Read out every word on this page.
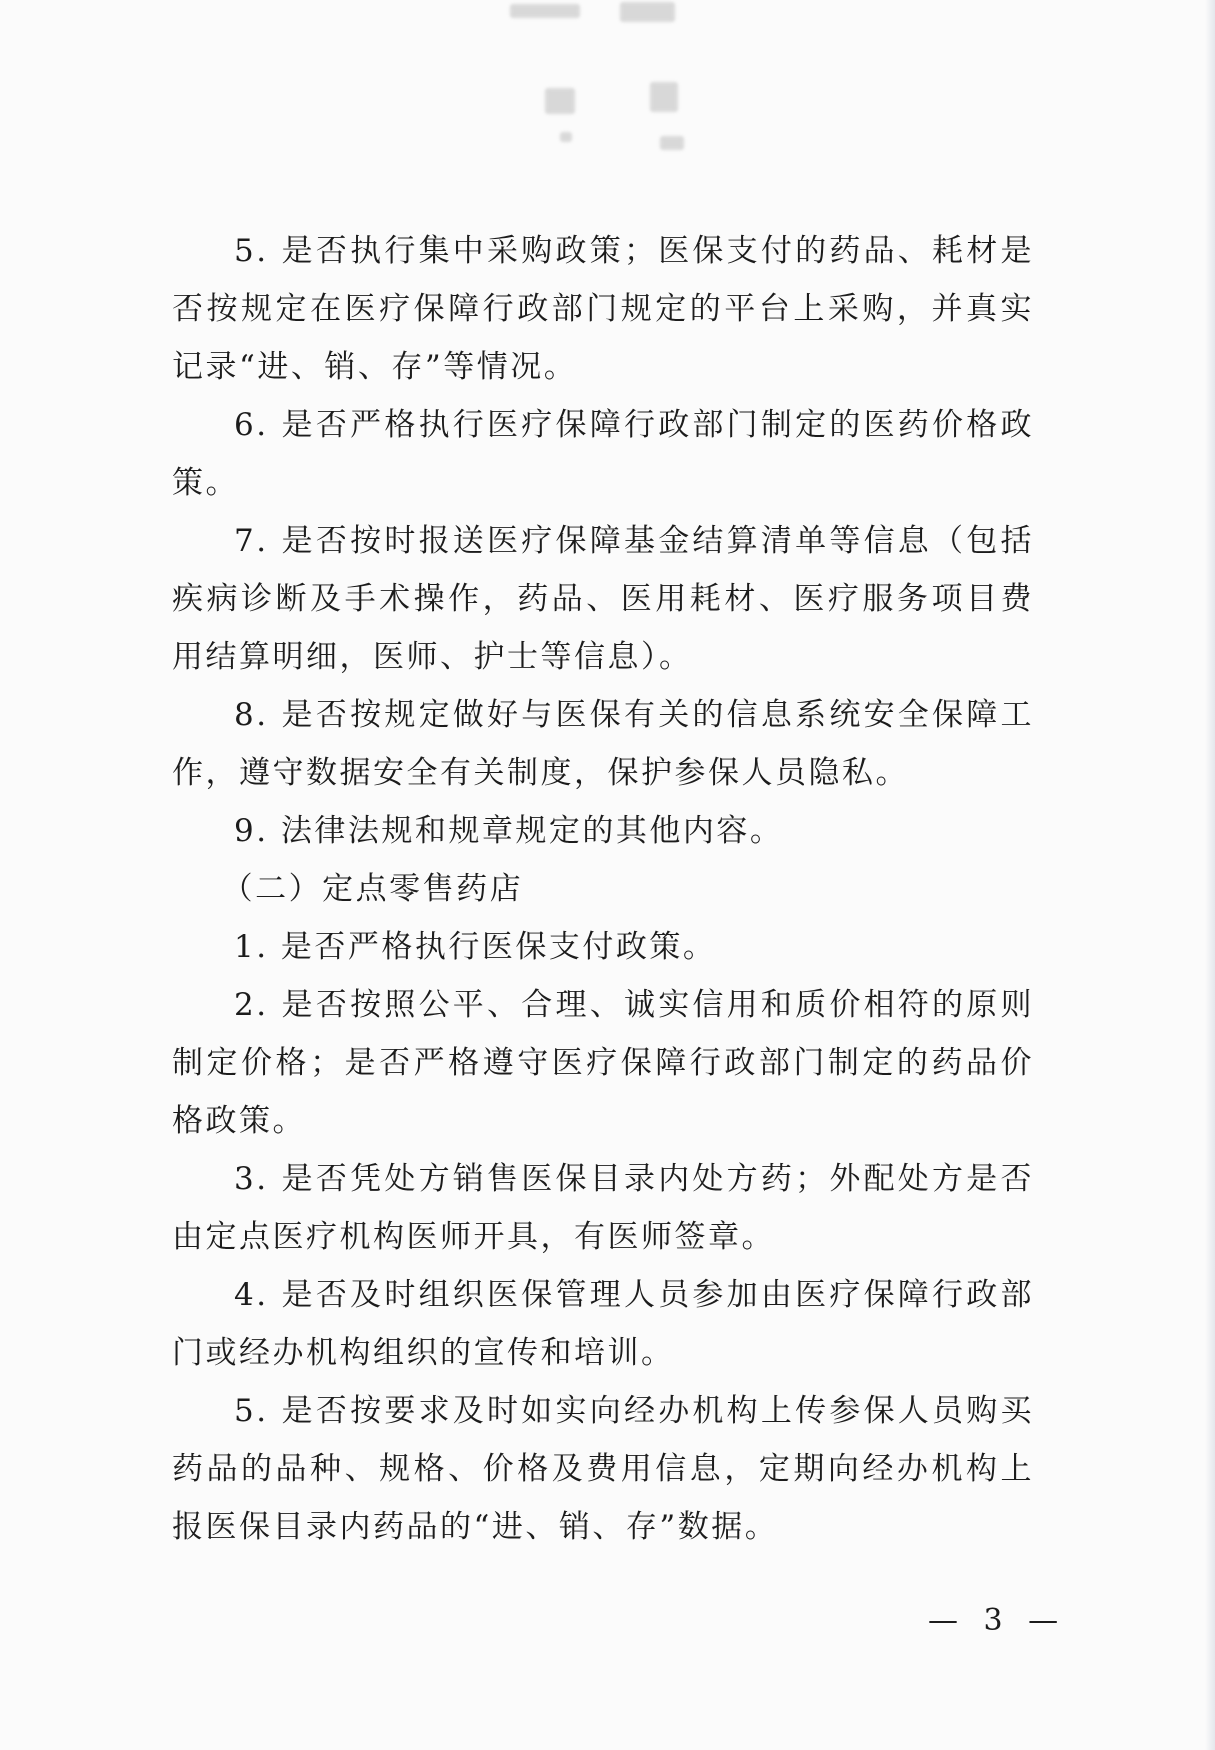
5. 是否执行集中采购政策；医保支付的药品、耗材是否按规定在医疗保障行政部门规定的平台上采购，并真实记录“进、销、存”等情况。

6. 是否严格执行医疗保障行政部门制定的医药价格政策。

7. 是否按时报送医疗保障基金结算清单等信息（包括疾病诊断及手术操作，药品、医用耗材、医疗服务项目费用结算明细，医师、护士等信息）。

8. 是否按规定做好与医保有关的信息系统安全保障工作，遵守数据安全有关制度，保护参保人员隐私。

9. 法律法规和规章规定的其他内容。

（二）定点零售药店

1. 是否严格执行医保支付政策。

2. 是否按照公平、合理、诚实信用和质价相符的原则制定价格；是否严格遵守医疗保障行政部门制定的药品价格政策。

3. 是否凭处方销售医保目录内处方药；外配处方是否由定点医疗机构医师开具，有医师签章。

4. 是否及时组织医保管理人员参加由医疗保障行政部门或经办机构组织的宣传和培训。

5. 是否按要求及时如实向经办机构上传参保人员购买药品的品种、规格、价格及费用信息，定期向经办机构上报医保目录内药品的“进、销、存”数据。

— 3 —
